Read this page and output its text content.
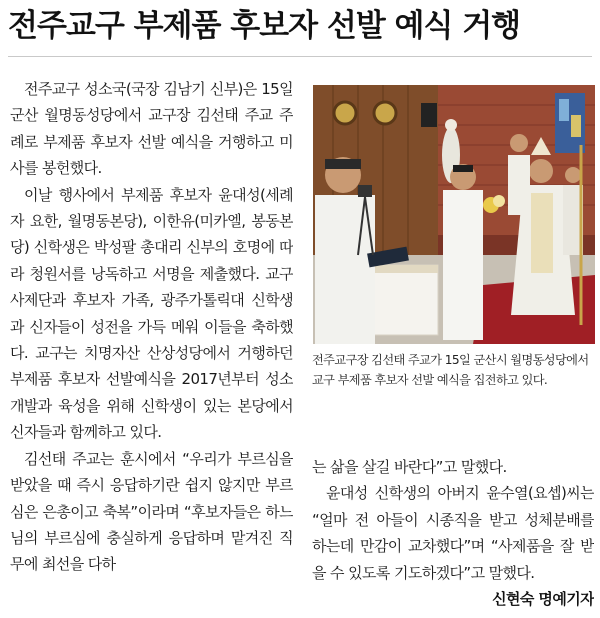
전주교구 부제품 후보자 선발 예식 거행

전주교구 성소국(국장 김남기 신부)은 15일 군산 월명동성당에서 교구장 김선태 주교 주례로 부제품 후보자 선발 예식을 거행하고 미사를 봉헌했다.

이날 행사에서 부제품 후보자 윤대성(세례자 요한, 월명동본당), 이한유(미카엘, 봉동본당) 신학생은 박성팔 총대리 신부의 호명에 따라 청원서를 낭독하고 서명을 제출했다. 교구 사제단과 후보자 가족, 광주가톨릭대 신학생과 신자들이 성전을 가득 메워 이들을 축하했다. 교구는 치명자산 산상성당에서 거행하던 부제품 후보자 선발예식을 2017년부터 성소 개발과 육성을 위해 신학생이 있는 본당에서 신자들과 함께하고 있다.

김선태 주교는 훈시에서 “우리가 부르심을 받았을 때 즉시 응답하기란 쉽지 않지만 부르심은 은총이고 축복”이라며 “후보자들은 하느님의 부르심에 충실하게 응답하며 맡겨진 직무에 최선을 다하

전주교구장 김선태 주교가 15일 군산시 월명동성당에서 교구 부제품 후보자 선발 예식을 집전하고 있다.

는 삶을 살길 바란다”고 말했다.

윤대성 신학생의 아버지 윤수열(요셉)씨는 “얼마 전 아들이 시종직을 받고 성체분배를 하는데 만감이 교차했다”며 “사제품을 잘 받을 수 있도록 기도하겠다”고 말했다.

신현숙 명예기자
